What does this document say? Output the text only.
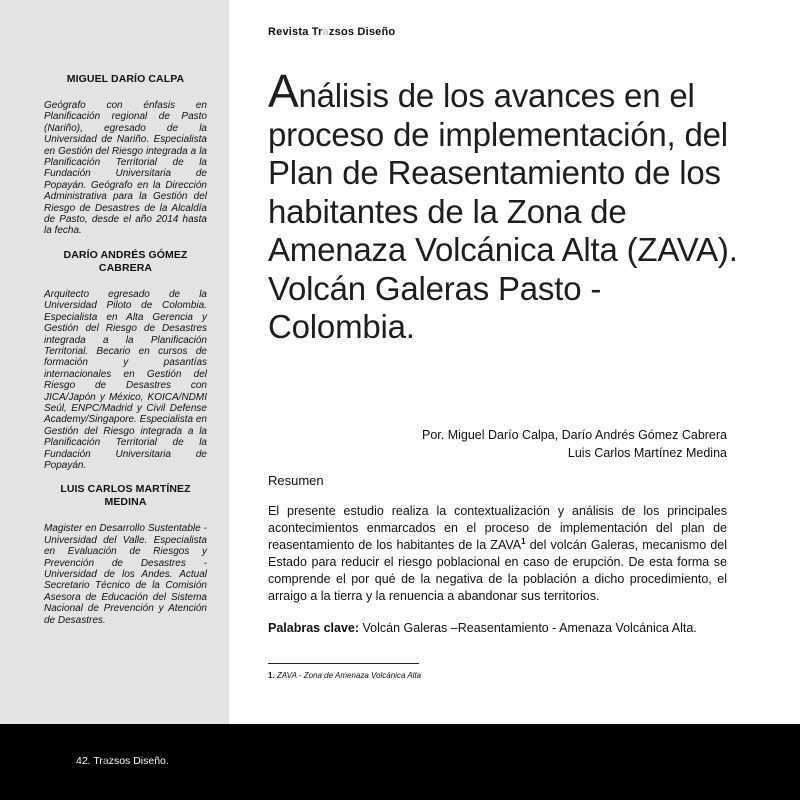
MIGUEL DARÍO CALPA

Geógrafo con énfasis en Planificación regional de Pasto (Nariño), egresado de la Universidad de Nariño. Especialista en Gestión del Riesgo integrada a la Planificación Territorial de la Fundación Universitaria de Popayán. Geógrafo en la Dirección Administrativa para la Gestión del Riesgo de Desastres de la Alcaldía de Pasto, desde el año 2014 hasta la fecha.

DARÍO ANDRÉS GÓMEZ CABRERA

Arquitecto egresado de la Universidad Piloto de Colombia. Especialista en Alta Gerencia y Gestión del Riesgo de Desastres integrada a la Planificación Territorial. Becario en cursos de formación y pasantías internacionales en Gestión del Riesgo de Desastres con JICA/Japón y México, KOICA/NDMI Seúl, ENPC/Madrid y Civil Defense Academy/Singapore. Especialista en Gestión del Riesgo integrada a la Planificación Territorial de la Fundación Universitaria de Popayán.

LUIS CARLOS MARTÍNEZ MEDINA

Magister en Desarrollo Sustentable - Universidad del Valle. Especialista en Evaluación de Riesgos y Prevención de Desastres - Universidad de los Andes. Actual Secretario Técnico de la Comisión Asesora de Educación del Sistema Nacional de Prevención y Atención de Desastres.

Revista Trazsos Diseño
Análisis de los avances en el proceso de implementación, del Plan de Reasentamiento de los habitantes de la Zona de Amenaza Volcánica Alta (ZAVA). Volcán Galeras Pasto - Colombia.
Por. Miguel Darío Calpa, Darío Andrés Gómez Cabrera
Luis Carlos Martínez Medina
Resumen

El presente estudio realiza la contextualización y análisis de los principales acontecimientos enmarcados en el proceso de implementación del plan de reasentamiento de los habitantes de la ZAVA$^1$ del volcán Galeras, mecanismo del Estado para reducir el riesgo poblacional en caso de erupción. De esta forma se comprende el por qué de la negativa de la población a dicho procedimiento, el arraigo a la tierra y la renuencia a abandonar sus territorios.

Palabras clave: Volcán Galeras –Reasentamiento - Amenaza Volcánica Alta.

1. ZAVA - Zona de Amenaza Volcánica Alta
42. Trazsos Diseño.
